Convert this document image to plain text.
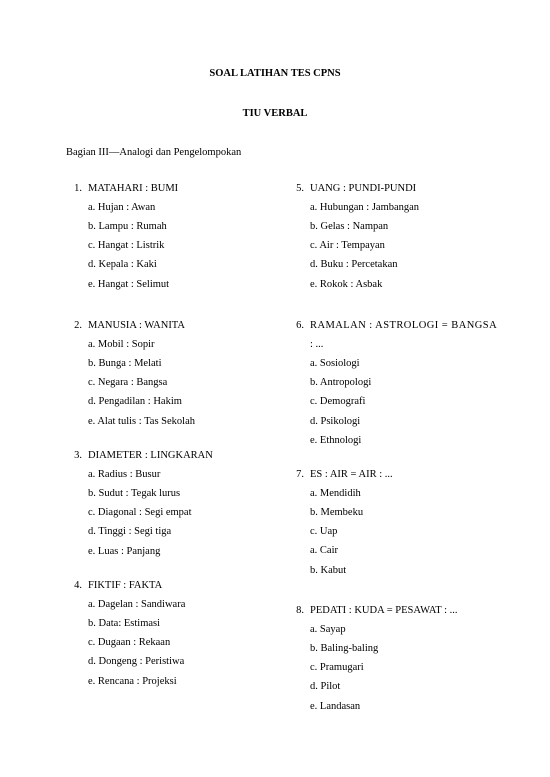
SOAL LATIHAN TES CPNS
TIU VERBAL
Bagian III—Analogi dan Pengelompokan
1. MATAHARI : BUMI
a. Hujan : Awan
b. Lampu : Rumah
c. Hangat : Listrik
d. Kepala : Kaki
e. Hangat : Selimut
2. MANUSIA : WANITA
a. Mobil : Sopir
b. Bunga : Melati
c. Negara : Bangsa
d. Pengadilan : Hakim
e. Alat tulis : Tas Sekolah
3. DIAMETER : LINGKARAN
a. Radius : Busur
b. Sudut : Tegak lurus
c. Diagonal : Segi empat
d. Tinggi : Segi tiga
e. Luas : Panjang
4. FIKTIF : FAKTA
a. Dagelan : Sandiwara
b. Data: Estimasi
c. Dugaan : Rekaan
d. Dongeng : Peristiwa
e. Rencana : Projeksi
5. UANG : PUNDI-PUNDI
a. Hubungan : Jambangan
b. Gelas : Nampan
c. Air : Tempayan
d. Buku : Percetakan
e. Rokok : Asbak
6. RAMALAN : ASTROLOGI = BANGSA
: ...
a. Sosiologi
b. Antropologi
c. Demografi
d. Psikologi
e. Ethnologi
7. ES : AIR = AIR : ...
a. Mendidih
b. Membeku
c. Uap
a. Cair
b. Kabut
8. PEDATI : KUDA = PESAWAT : ...
a. Sayap
b. Baling-baling
c. Pramugari
d. Pilot
e. Landasan
